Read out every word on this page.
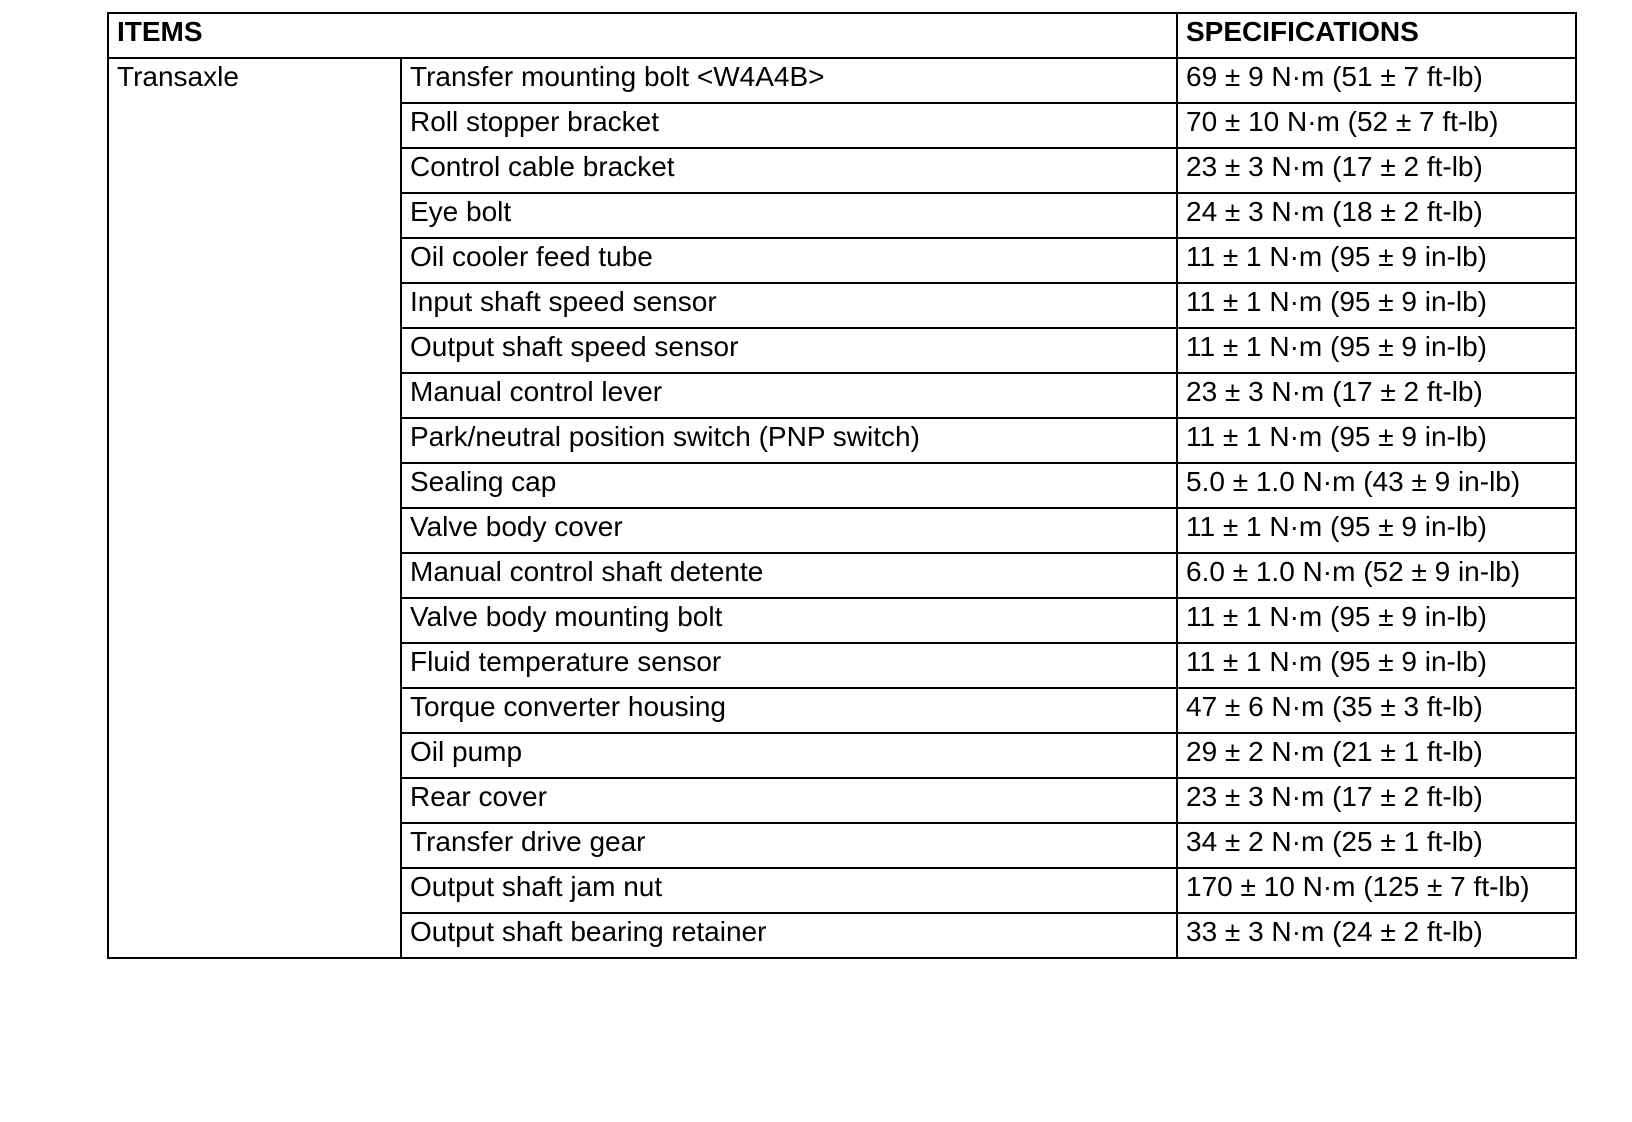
ITEMS		SPECIFICATIONS

Transaxle	Transfer mounting bolt <W4A4B>	69 ± 9 N·m (51 ± 7 ft-lb)

	Roll stopper bracket	70 ± 10 N·m (52 ± 7 ft-lb)

	Control cable bracket	23 ± 3 N·m (17 ± 2 ft-lb)

	Eye bolt	24 ± 3 N·m (18 ± 2 ft-lb)

	Oil cooler feed tube	11 ± 1 N·m (95 ± 9 in-lb)

	Input shaft speed sensor	11 ± 1 N·m (95 ± 9 in-lb)

	Output shaft speed sensor	11 ± 1 N·m (95 ± 9 in-lb)

	Manual control lever	23 ± 3 N·m (17 ± 2 ft-lb)

	Park/neutral position switch (PNP switch)	11 ± 1 N·m (95 ± 9 in-lb)

	Sealing cap	5.0 ± 1.0 N·m (43 ± 9 in-lb)

	Valve body cover	11 ± 1 N·m (95 ± 9 in-lb)

	Manual control shaft detente	6.0 ± 1.0 N·m (52 ± 9 in-lb)

	Valve body mounting bolt	11 ± 1 N·m (95 ± 9 in-lb)

	Fluid temperature sensor	11 ± 1 N·m (95 ± 9 in-lb)

	Torque converter housing	47 ± 6 N·m (35 ± 3 ft-lb)

	Oil pump	29 ± 2 N·m (21 ± 1 ft-lb)

	Rear cover	23 ± 3 N·m (17 ± 2 ft-lb)

	Transfer drive gear	34 ± 2 N·m (25 ± 1 ft-lb)

	Output shaft jam nut	170 ± 10 N·m (125 ± 7 ft-lb)

	Output shaft bearing retainer	33 ± 3 N·m (24 ± 2 ft-lb)
